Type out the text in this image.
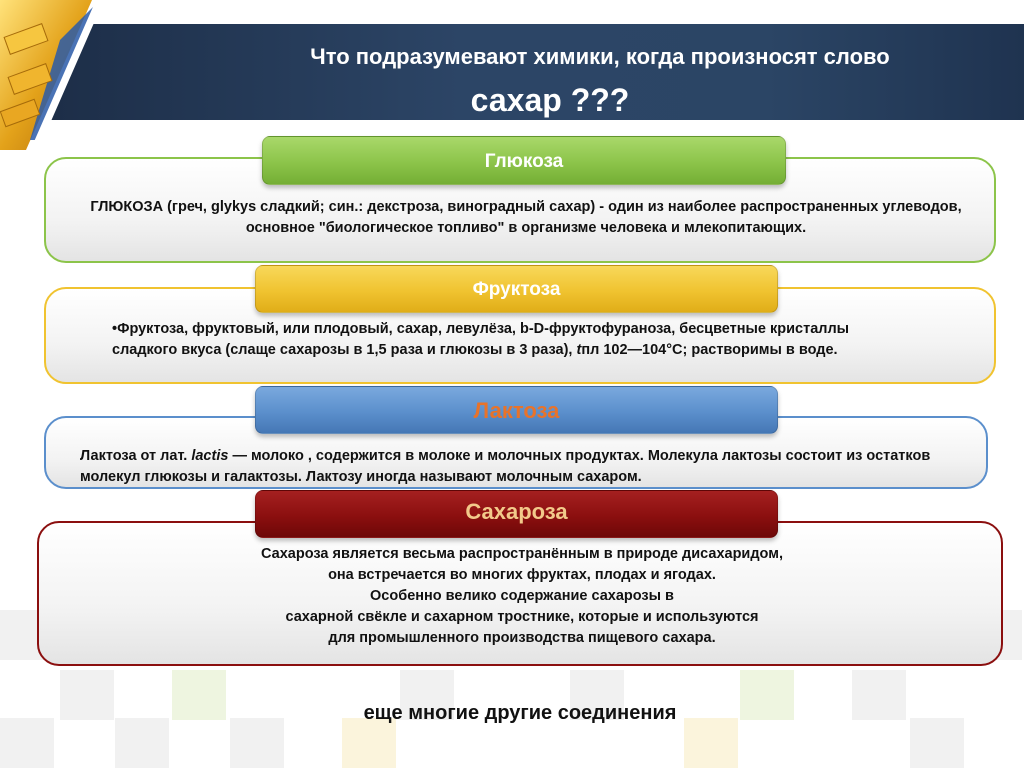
Что подразумевают химики, когда произносят слово
сахар ???
ГЛЮКОЗА (греч, glykys сладкий; син.: декстроза, виноградный сахар) - один из наиболее распространенных углеводов, основное "биологическое топливо" в организме человека и млекопитающих.
Глюкоза
•Фруктоза, фруктовый, или плодовый, сахар, левулёза, b-D-фруктофураноза, бесцветные кристаллы сладкого вкуса (слаще сахарозы в 1,5 раза и глюкозы в 3 раза), tпл 102—104°С; растворимы в воде.
Фруктоза
Лактоза от лат. lactis — молоко , содержится в молоке и молочных продуктах. Молекула лактозы состоит из остатков молекул глюкозы и галактозы. Лактозу иногда называют молочным сахаром.
Лактоза
Сахароза является весьма распространённым в природе дисахаридом,
она встречается во многих фруктах, плодах и ягодах.
Особенно велико содержание сахарозы в
сахарной свёкле и сахарном тростнике, которые и используются
для промышленного производства пищевого сахара.
Сахароза
еще многие другие соединения
